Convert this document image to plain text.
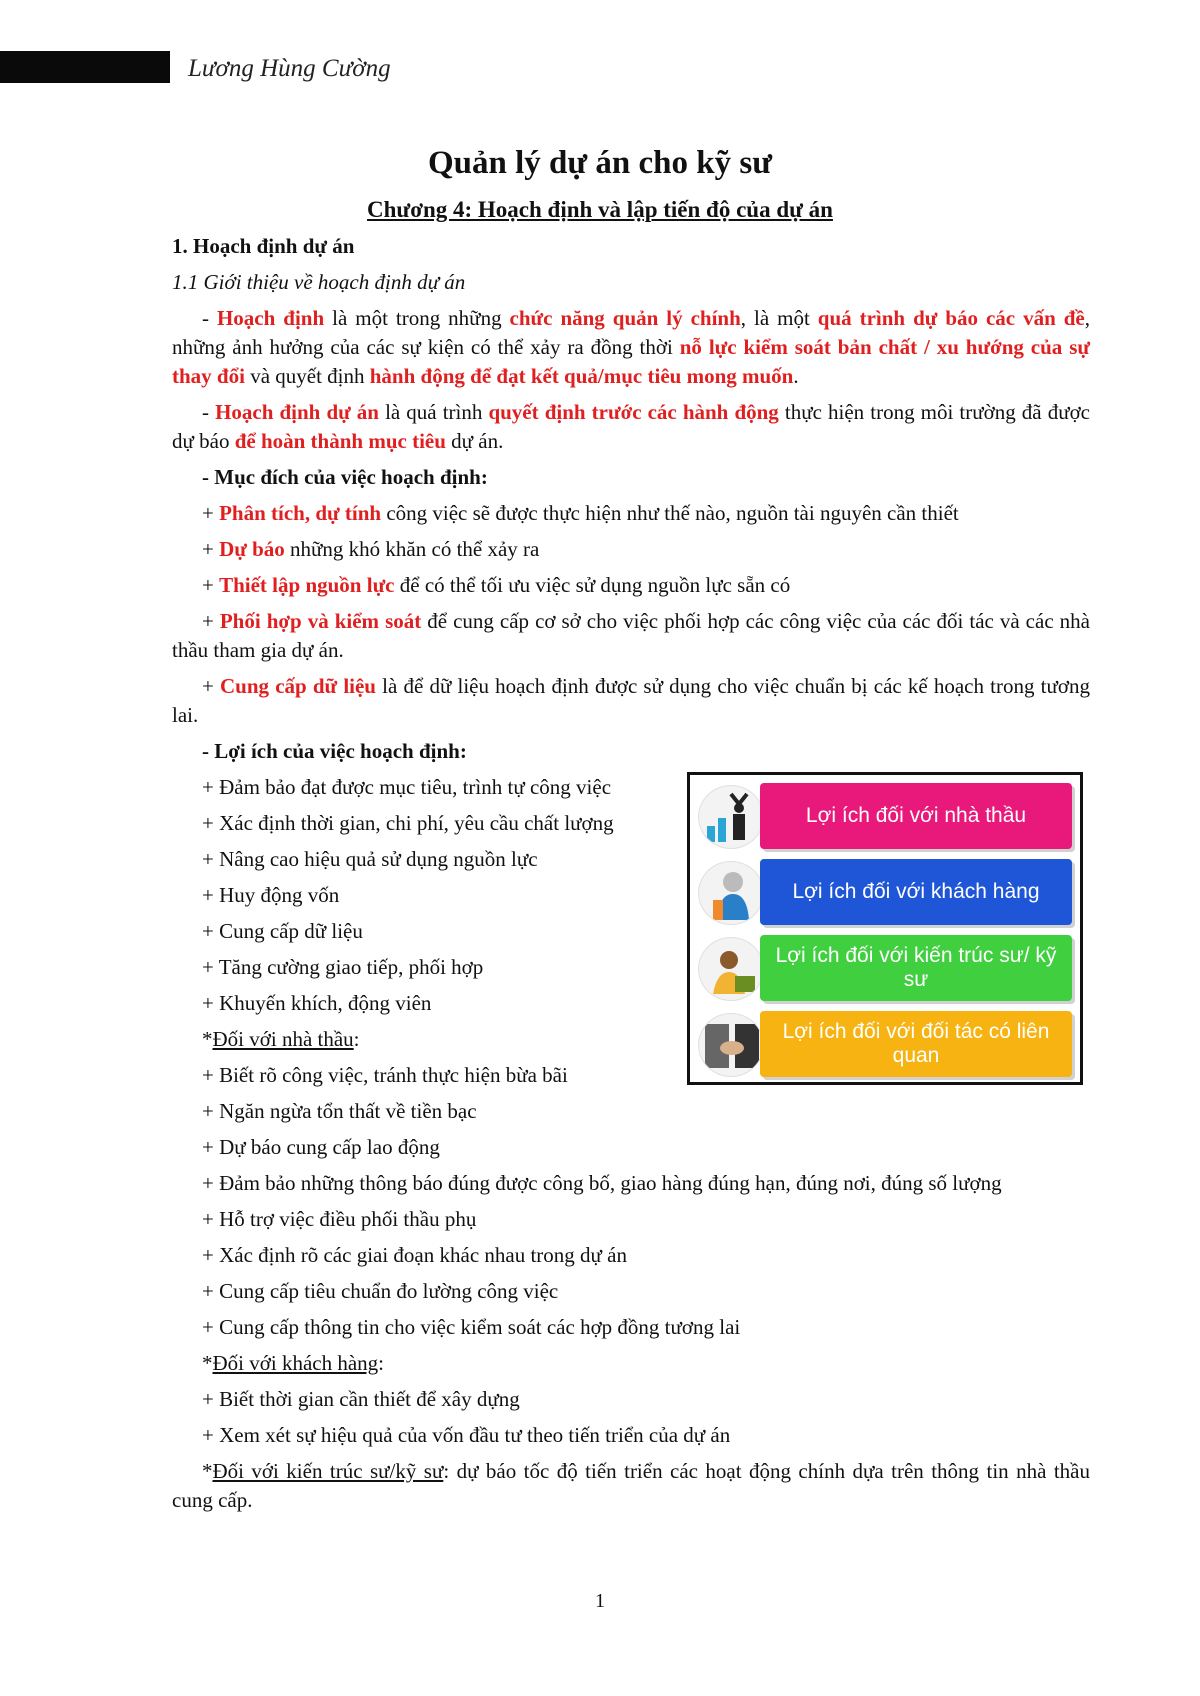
Lương Hùng Cường
Quản lý dự án cho kỹ sư
Chương 4: Hoạch định và lập tiến độ của dự án

1. Hoạch định dự án

1.1 Giới thiệu về hoạch định dự án

- Hoạch định là một trong những chức năng quản lý chính, là một quá trình dự báo các vấn đề, những ảnh hưởng của các sự kiện có thể xảy ra đồng thời nỗ lực kiểm soát bản chất / xu hướng của sự thay đổi và quyết định hành động để đạt kết quả/mục tiêu mong muốn.

- Hoạch định dự án là quá trình quyết định trước các hành động thực hiện trong môi trường đã được dự báo để hoàn thành mục tiêu dự án.

- Mục đích của việc hoạch định:

+ Phân tích, dự tính công việc sẽ được thực hiện như thế nào, nguồn tài nguyên cần thiết

+ Dự báo những khó khăn có thể xảy ra

+ Thiết lập nguồn lực để có thể tối ưu việc sử dụng nguồn lực sẵn có

+ Phối hợp và kiểm soát để cung cấp cơ sở cho việc phối hợp các công việc của các đối tác và các nhà thầu tham gia dự án.

+ Cung cấp dữ liệu là để dữ liệu hoạch định được sử dụng cho việc chuẩn bị các kế hoạch trong tương lai.

- Lợi ích của việc hoạch định:

+ Đảm bảo đạt được mục tiêu, trình tự công việc

+ Xác định thời gian, chi phí, yêu cầu chất lượng

+ Nâng cao hiệu quả sử dụng nguồn lực

+ Huy động vốn

+ Cung cấp dữ liệu

+ Tăng cường giao tiếp, phối hợp

+ Khuyến khích, động viên

*Đối với nhà thầu:

+ Biết rõ công việc, tránh thực hiện bừa bãi

+ Ngăn ngừa tổn thất về tiền bạc

+ Dự báo cung cấp lao động

+ Đảm bảo những thông báo đúng được công bố, giao hàng đúng hạn, đúng nơi, đúng số lượng

+ Hỗ trợ việc điều phối thầu phụ

+ Xác định rõ các giai đoạn khác nhau trong dự án

+ Cung cấp tiêu chuẩn đo lường công việc

+ Cung cấp thông tin cho việc kiểm soát các hợp đồng tương lai

*Đối với khách hàng:

+ Biết thời gian cần thiết để xây dựng

+ Xem xét sự hiệu quả của vốn đầu tư theo tiến triển của dự án

*Đối với kiến trúc sư/kỹ sư: dự báo tốc độ tiến triển các hoạt động chính dựa trên thông tin nhà thầu cung cấp.

Lợi ích đối với nhà thầu
Lợi ích đối với khách hàng
Lợi ích đối với kiến trúc sư/ kỹ sư
Lợi ích đối với đối tác có liên quan
1
